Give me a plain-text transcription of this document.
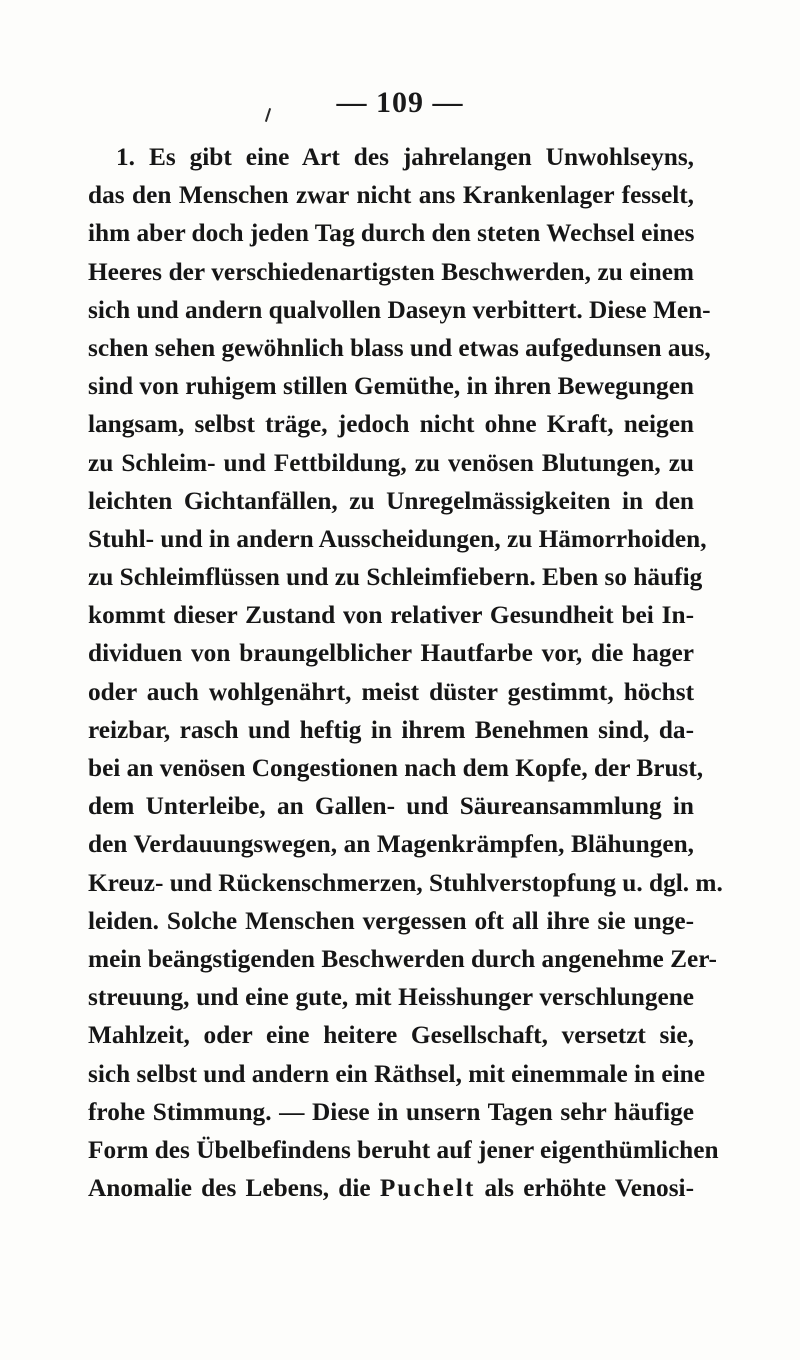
— 109 —
1. Es gibt eine Art des jahrelangen Unwohlseyns,
das den Menschen zwar nicht ans Krankenlager fesselt,
ihm aber doch jeden Tag durch den steten Wechsel eines
Heeres der verschiedenartigsten Beschwerden, zu einem
sich und andern qualvollen Daseyn verbittert. Diese Men-
schen sehen gewöhnlich blass und etwas aufgedunsen aus,
sind von ruhigem stillen Gemüthe, in ihren Bewegungen
langsam, selbst träge, jedoch nicht ohne Kraft, neigen
zu Schleim- und Fettbildung, zu venösen Blutungen, zu
leichten Gichtanfällen, zu Unregelmässigkeiten in den
Stuhl- und in andern Ausscheidungen, zu Hämorrhoiden,
zu Schleimflüssen und zu Schleimfiebern. Eben so häufig
kommt dieser Zustand von relativer Gesundheit bei In-
dividuen von braungelblicher Hautfarbe vor, die hager
oder auch wohlgenährt, meist düster gestimmt, höchst
reizbar, rasch und heftig in ihrem Benehmen sind, da-
bei an venösen Congestionen nach dem Kopfe, der Brust,
dem Unterleibe, an Gallen- und Säureansammlung in
den Verdauungswegen, an Magenkrämpfen, Blähungen,
Kreuz- und Rückenschmerzen, Stuhlverstopfung u. dgl. m.
leiden. Solche Menschen vergessen oft all ihre sie unge-
mein beängstigenden Beschwerden durch angenehme Zer-
streuung, und eine gute, mit Heisshunger verschlungene
Mahlzeit, oder eine heitere Gesellschaft, versetzt sie,
sich selbst und andern ein Räthsel, mit einemmale in eine
frohe Stimmung. — Diese in unsern Tagen sehr häufige
Form des Übelbefindens beruht auf jener eigenthümlichen
Anomalie des Lebens, die Puchelt als erhöhte Venosi-
